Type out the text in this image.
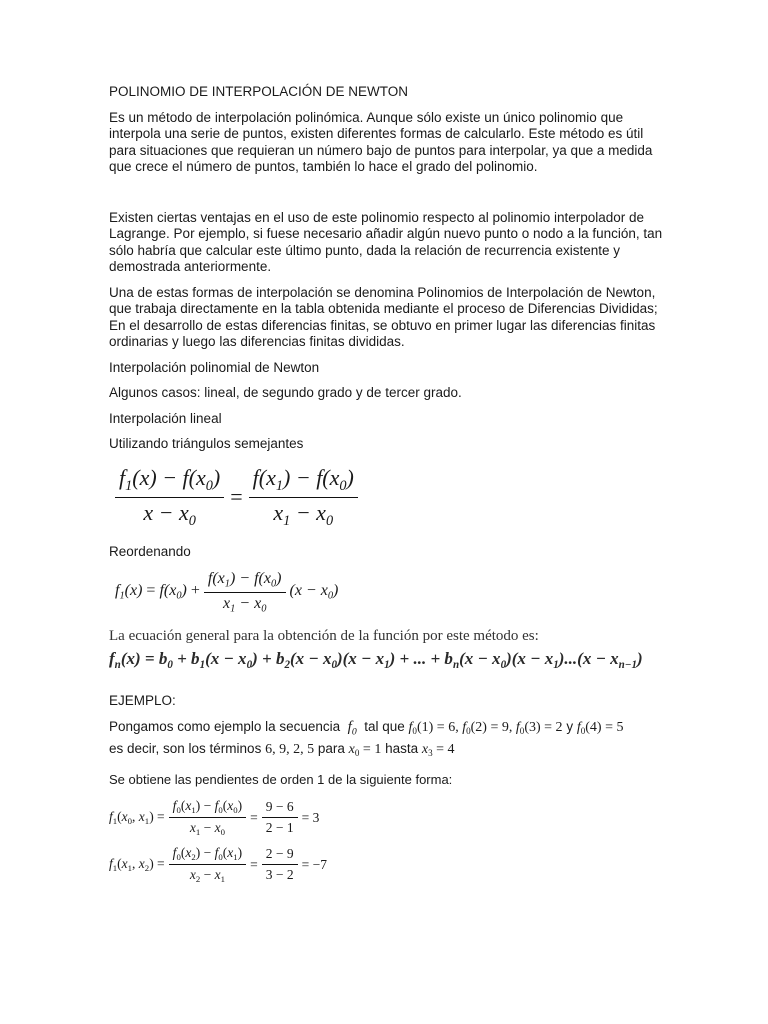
POLINOMIO DE INTERPOLACIÓN DE NEWTON

Es un método de interpolación polinómica. Aunque sólo existe un único polinomio que interpola una serie de puntos, existen diferentes formas de calcularlo. Este método es útil para situaciones que requieran un número bajo de puntos para interpolar, ya que a medida que crece el número de puntos, también lo hace el grado del polinomio.

Existen ciertas ventajas en el uso de este polinomio respecto al polinomio interpolador de Lagrange. Por ejemplo, si fuese necesario añadir algún nuevo punto o nodo a la función, tan sólo habría que calcular este último punto, dada la relación de recurrencia existente y demostrada anteriormente.

Una de estas formas de interpolación se denomina Polinomios de Interpolación de Newton, que trabaja directamente en la tabla obtenida mediante el proceso de Diferencias Divididas; En el desarrollo de estas diferencias finitas, se obtuvo en primer lugar las diferencias finitas ordinarias y luego las diferencias finitas divididas.

Interpolación polinomial de Newton

Algunos casos: lineal, de segundo grado y de tercer grado.

Interpolación lineal

Utilizando triángulos semejantes

$\frac{f_1(x) - f(x_0)}{x - x_0} = \frac{f(x_1) - f(x_0)}{x_1 - x_0}$

Reordenando

$f_1(x) = f(x_0) + \frac{f(x_1) - f(x_0)}{x_1 - x_0} (x - x_0)$

La ecuación general para la obtención de la función por este método es:

$f_n(x) = b_0 + b_1(x - x_0) + b_2(x - x_0)(x - x_1)$ + ... + $b_n(x - x_0)(x - x_1)...(x - x_{n-1})$

EJEMPLO:

Pongamos como ejemplo la secuencia  $f_0$ tal que $f_0(1) = 6$, $f_0(2) = 9$, $f_0(3) = 2$ y $f_0(4) = 5$

es decir, son los términos 6, 9, 2, 5 para $x_0 = 1$ hasta $x_3 = 4$

Se obtiene las pendientes de orden 1 de la siguiente forma:

$f_1(x_0$, $x_1) = \frac{f_0(x_1) - f_0(x_0)}{x_1 - x_0} = \frac{9 - 6}{2 - 1} = 3$
$f_1(x_1$, $x_2) = \frac{f_0(x_2) - f_0(x_1)}{x_2 - x_1} = \frac{2 - 9}{3 - 2} = -7$
